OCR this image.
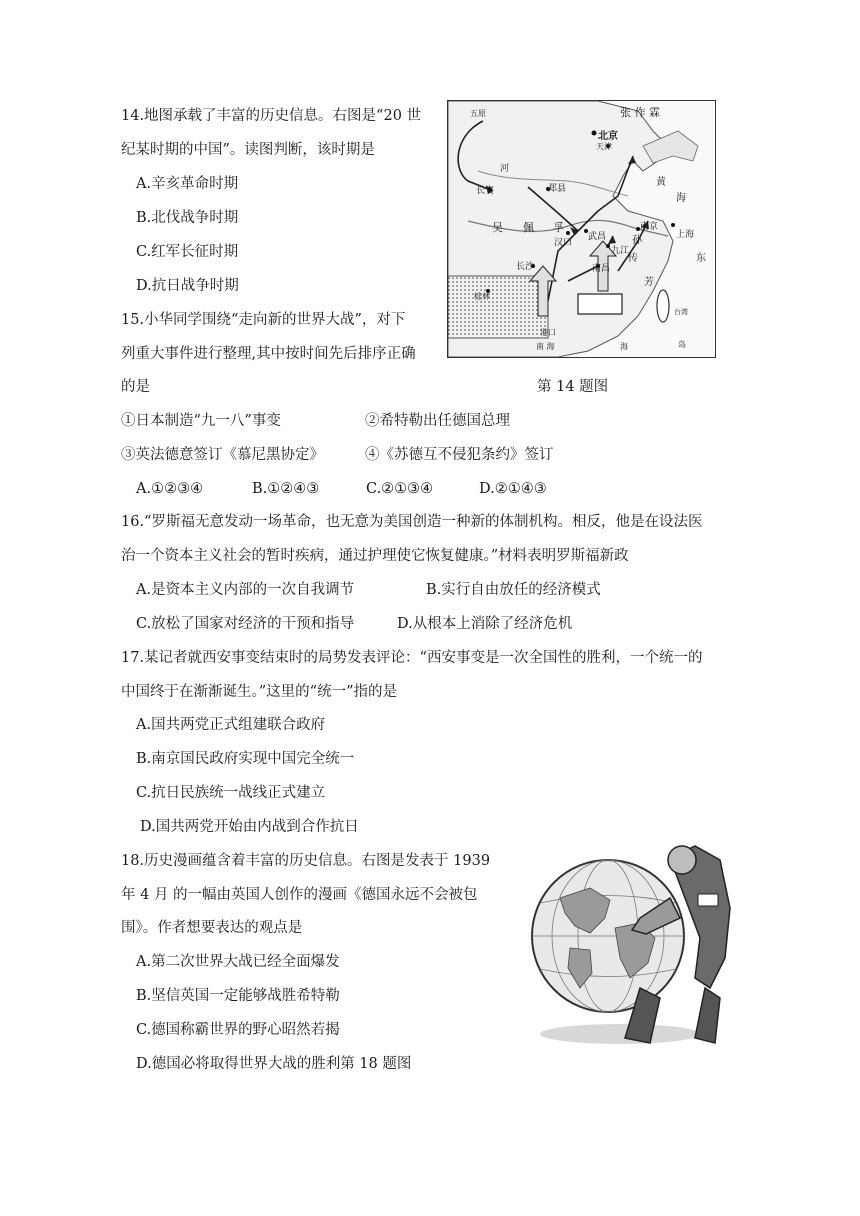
14.地图承载了丰富的历史信息。右图是“20 世
纪某时期的中国”。读图判断，该时期是
A.辛亥革命时期
B.北伐战争时期
C.红军长征时期
D.抗日战争时期
五原	张 作 霖
北京
天津
黄
海
吴 佩 孚
长安	郑县
河
汉口
武昌
九江
南京
上海
长沙	南昌
东
传
芳
孙
桂林
台湾
南 海	海	岛
港口
第 14 题图
15.小华同学围绕“走向新的世界大战”，对下
列重大事件进行整理,其中按时间先后排序正确
的是
①日本制造“九一八”事变	②希特勒出任德国总理
③英法德意签订《慕尼黑协定》	④《苏德互不侵犯条约》签订
A.①②③④	B.①②④③	C.②①③④	D.②①④③
16.“罗斯福无意发动一场革命，也无意为美国创造一种新的体制机构。相反，他是在设法医
治一个资本主义社会的暂时疾病，通过护理使它恢复健康。”材料表明罗斯福新政
A.是资本主义内部的一次自我调节	B.实行自由放任的经济模式
C.放松了国家对经济的干预和指导	D.从根本上消除了经济危机
17.某记者就西安事变结束时的局势发表评论：“西安事变是一次全国性的胜利，一个统一的
中国终于在渐渐诞生。”这里的“统一”指的是
A.国共两党正式组建联合政府
B.南京国民政府实现中国完全统一
C.抗日民族统一战线正式建立
D.国共两党开始由内战到合作抗日
18.历史漫画蕴含着丰富的历史信息。右图是发表于 1939
年 4 月 的一幅由英国人创作的漫画《德国永远不会被包
围》。作者想要表达的观点是
A.第二次世界大战已经全面爆发
B.坚信英国一定能够战胜希特勒
C.德国称霸世界的野心昭然若揭
D.德国必将取得世界大战的胜利第 18 题图
